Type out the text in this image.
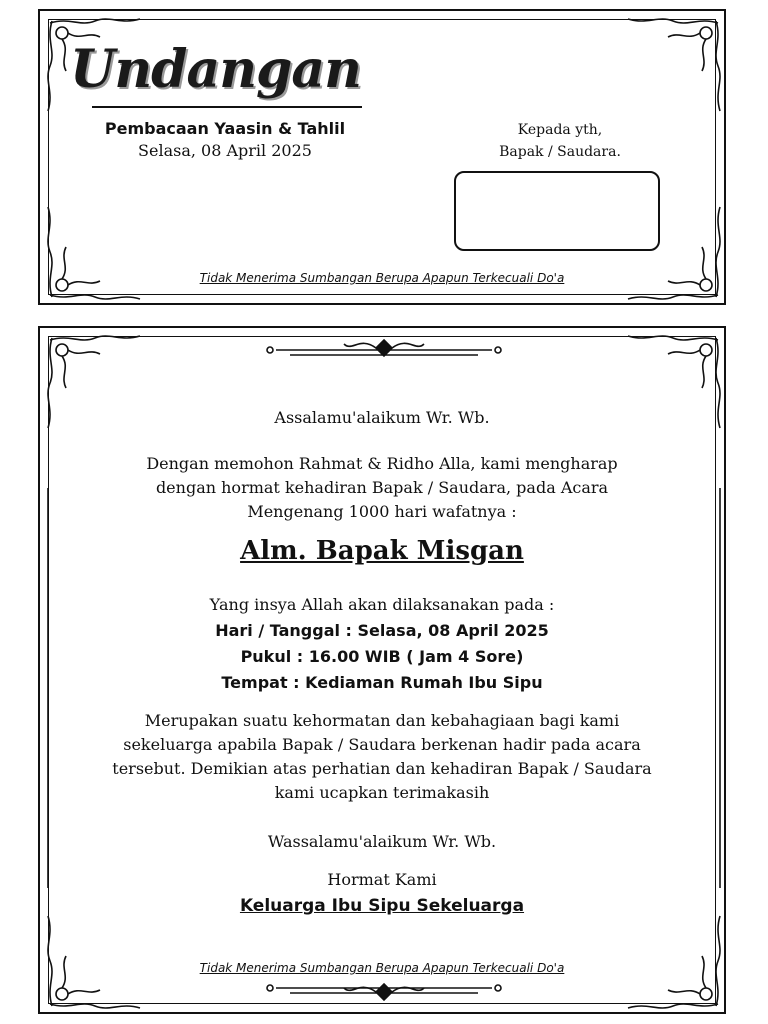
Undangan
Pembacaan Yaasin & Tahlil
Selasa, 08 April 2025
Kepada yth,
Bapak / Saudara.
Tidak Menerima Sumbangan Berupa Apapun Terkecuali Do'a
Assalamu'alaikum Wr. Wb.
Dengan memohon Rahmat & Ridho Alla, kami mengharap
dengan hormat kehadiran Bapak / Saudara, pada Acara
Mengenang 1000 hari wafatnya :
Alm. Bapak Misgan
Yang insya Allah akan dilaksanakan pada :
Hari / Tanggal : Selasa, 08 April 2025
Pukul : 16.00 WIB ( Jam 4 Sore)
Tempat : Kediaman Rumah Ibu Sipu
Merupakan suatu kehormatan dan kebahagiaan bagi kami
sekeluarga apabila Bapak / Saudara berkenan hadir pada acara
tersebut. Demikian atas perhatian dan kehadiran Bapak / Saudara
kami ucapkan terimakasih
Wassalamu'alaikum Wr. Wb.
Hormat Kami
Keluarga Ibu Sipu Sekeluarga
Tidak Menerima Sumbangan Berupa Apapun Terkecuali Do'a
